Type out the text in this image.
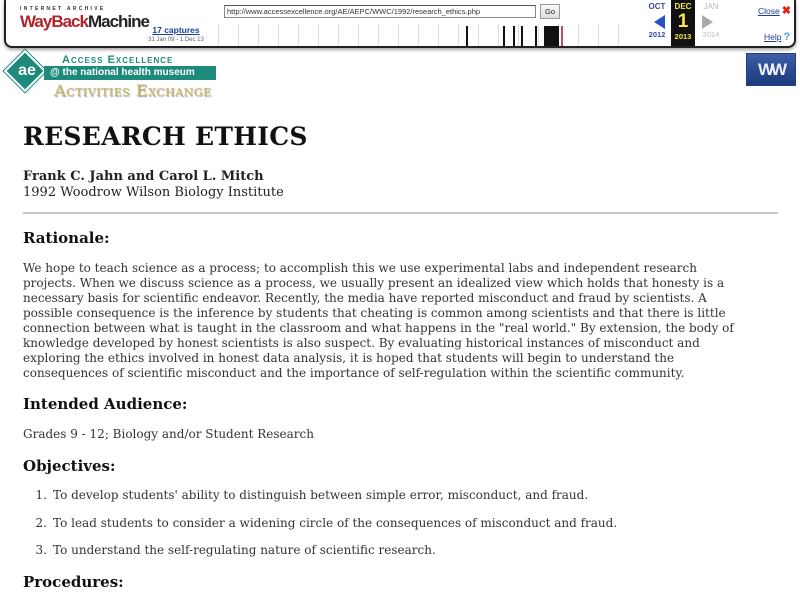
INTERNET ARCHIVE
WayBackMachine 17 captures
31 Jan 09 - 1 Dec 13
http://www.accessexcellence.org/AE/AEPC/WWC/1992/research_ethics.php	Go
OCT
2012
DEC
1
2013
JAN
2014
Close ✖
Help ?
ae
Access Excellence
@ the national health museum
Activities Exchange
WW
RESEARCH ETHICS
Frank C. Jahn and Carol L. Mitch
1992 Woodrow Wilson Biology Institute
Rationale:
We hope to teach science as a process; to accomplish this we use experimental labs and independent research
projects. When we discuss science as a process, we usually present an idealized view which holds that honesty is a
necessary basis for scientific endeavor. Recently, the media have reported misconduct and fraud by scientists. A
possible consequence is the inference by students that cheating is common among scientists and that there is little
connection between what is taught in the classroom and what happens in the "real world." By extension, the body of
knowledge developed by honest scientists is also suspect. By evaluating historical instances of misconduct and
exploring the ethics involved in honest data analysis, it is hoped that students will begin to understand the
consequences of scientific misconduct and the importance of self-regulation within the scientific community.
Intended Audience:
Grades 9 - 12; Biology and/or Student Research
Objectives:
1. To develop students' ability to distinguish between simple error, misconduct, and fraud.
2. To lead students to consider a widening circle of the consequences of misconduct and fraud.
3. To understand the self-regulating nature of scientific research.
Procedures:
